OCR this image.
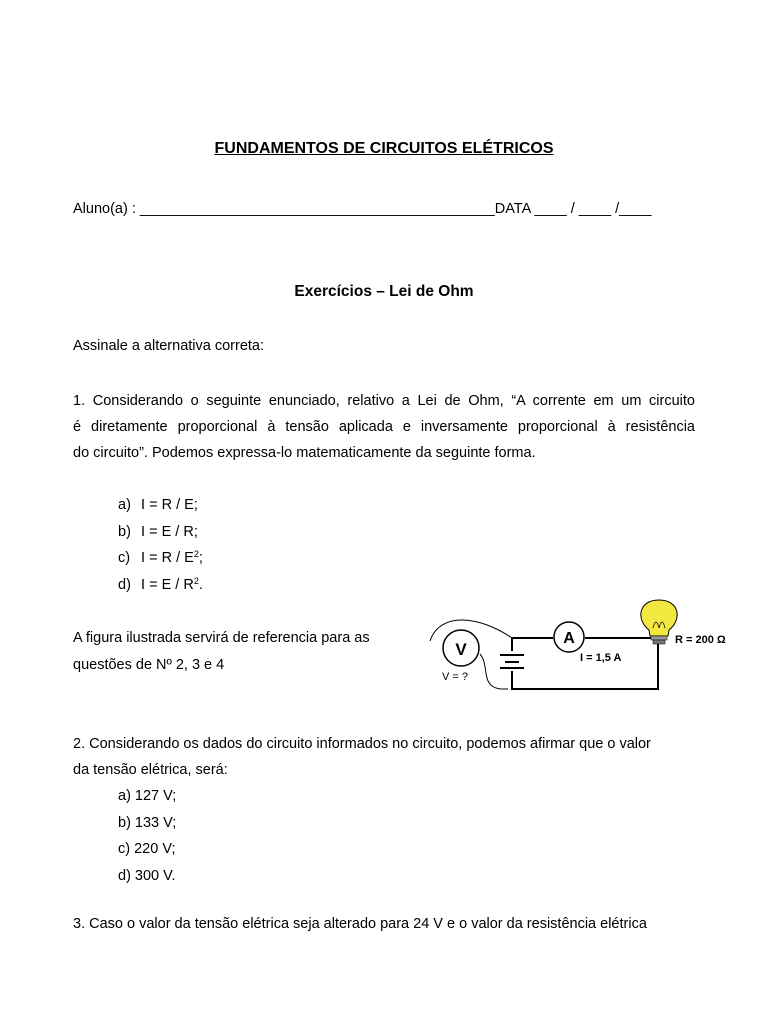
FUNDAMENTOS DE CIRCUITOS ELÉTRICOS
Aluno(a) : ____________________________________________DATA ____ / ____ /____
Exercícios – Lei de Ohm
Assinale a alternativa correta:
1. Considerando o seguinte enunciado, relativo a Lei de Ohm, “A corrente em um circuito
é diretamente proporcional à tensão aplicada e inversamente proporcional à resistência
do circuito”. Podemos expressa-lo matematicamente da seguinte forma.
a) I = R / E;
b) I = E / R;
c) $I = R / E^2$;
d) $I = E / R^2$.
A figura ilustrada servirá de referencia para as
questões de Nº 2, 3 e 4
V
V = ?
A
I = 1,5 A
R = 200 Ω
2. Considerando os dados do circuito informados no circuito, podemos afirmar que o valor
da tensão elétrica, será:
a) 127 V;
b) 133 V;
c) 220 V;
d) 300 V.
3. Caso o valor da tensão elétrica seja alterado para 24 V e o valor da resistência elétrica
